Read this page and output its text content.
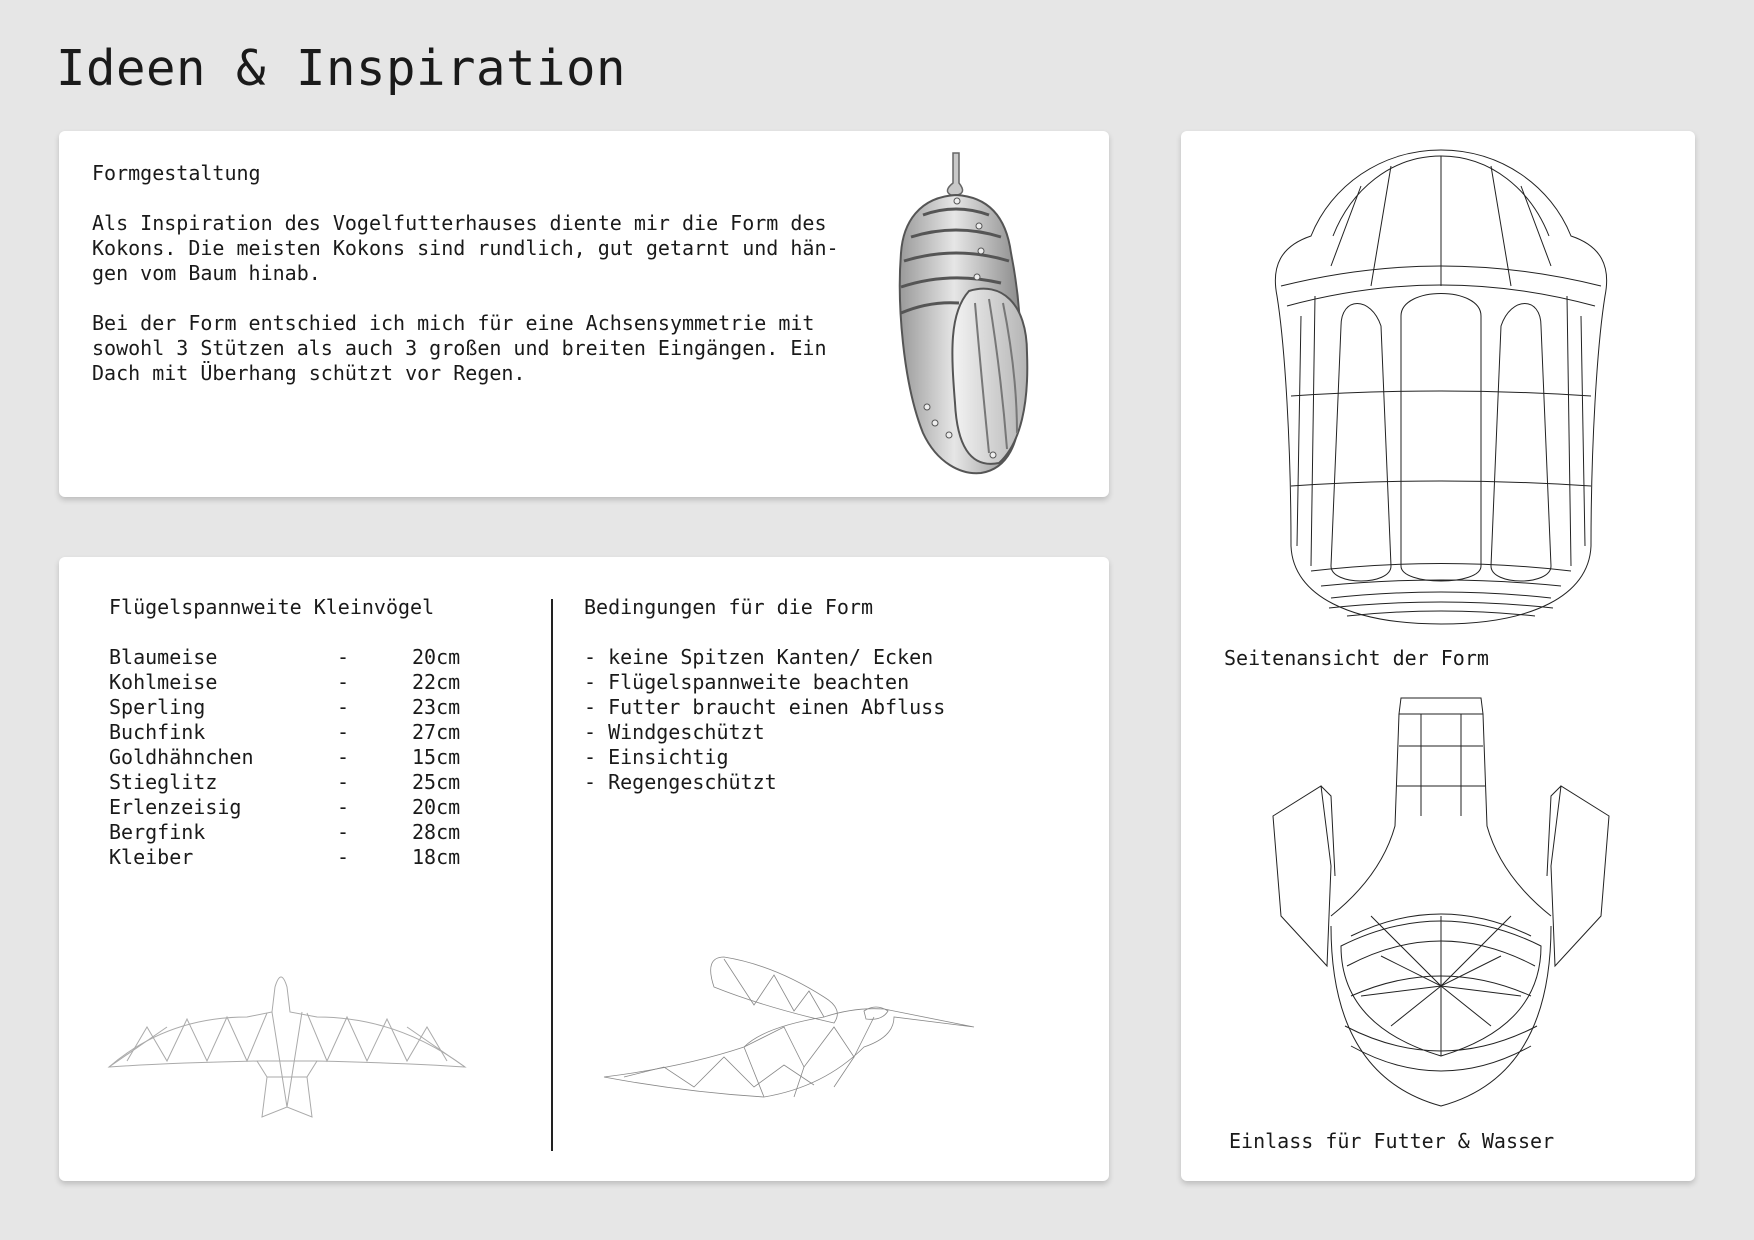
Ideen & Inspiration
Formgestaltung
Als Inspiration des Vogelfutterhauses diente mir die Form des Kokons. Die meisten Kokons sind rundlich, gut getarnt und hän-gen vom Baum hinab.
Bei der Form entschied ich mich für eine Achsensymmetrie mit sowohl 3 Stützen als auch 3 großen und breiten Eingängen. Ein Dach mit Überhang schützt vor Regen.
Flügelspannweite Kleinvögel
Blaumeise	-	20cm
Kohlmeise	-	22cm
Sperling	-	23cm
Buchfink	-	27cm
Goldhähnchen	-	15cm
Stieglitz	-	25cm
Erlenzeisig	-	20cm
Bergfink	-	28cm
Kleiber	-	18cm
Bedingungen für die Form
- keine Spitzen Kanten/ Ecken
- Flügelspannweite beachten
- Futter braucht einen Abfluss
- Windgeschützt
- Einsichtig
- Regengeschützt
Seitenansicht der Form
Einlass für Futter & Wasser
